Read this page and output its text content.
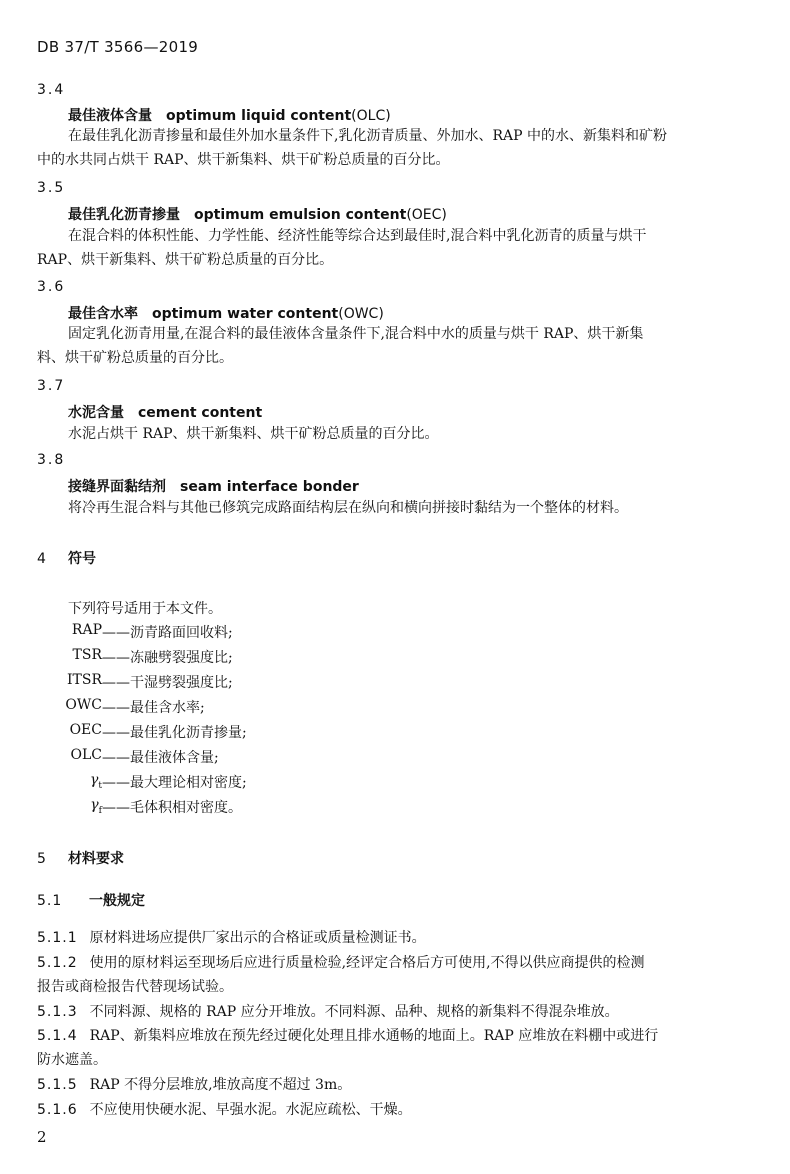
DB 37/T 3566—2019
3.4
最佳液体含量 optimum liquid content(OLC)
在最佳乳化沥青掺量和最佳外加水量条件下,乳化沥青质量、外加水、RAP 中的水、新集料和矿粉
中的水共同占烘干 RAP、烘干新集料、烘干矿粉总质量的百分比。
3.5
最佳乳化沥青掺量 optimum emulsion content(OEC)
在混合料的体积性能、力学性能、经济性能等综合达到最佳时,混合料中乳化沥青的质量与烘干
RAP、烘干新集料、烘干矿粉总质量的百分比。
3.6
最佳含水率 optimum water content(OWC)
固定乳化沥青用量,在混合料的最佳液体含量条件下,混合料中水的质量与烘干 RAP、烘干新集
料、烘干矿粉总质量的百分比。
3.7
水泥含量 cement content
水泥占烘干 RAP、烘干新集料、烘干矿粉总质量的百分比。
3.8
接缝界面黏结剂 seam interface bonder
将冷再生混合料与其他已修筑完成路面结构层在纵向和横向拼接时黏结为一个整体的材料。
4 符号
下列符号适用于本文件。
RAP ——沥青路面回收料;
TSR ——冻融劈裂强度比;
ITSR ——干湿劈裂强度比;
OWC ——最佳含水率;
OEC ——最佳乳化沥青掺量;
OLC ——最佳液体含量;
$\gamma_t$ ——最大理论相对密度;
$\gamma_f$ ——毛体积相对密度。
5 材料要求
5.1 一般规定
5.1.1 原材料进场应提供厂家出示的合格证或质量检测证书。
5.1.2 使用的原材料运至现场后应进行质量检验,经评定合格后方可使用,不得以供应商提供的检测
报告或商检报告代替现场试验。
5.1.3 不同料源、规格的 RAP 应分开堆放。不同料源、品种、规格的新集料不得混杂堆放。
5.1.4 RAP、新集料应堆放在预先经过硬化处理且排水通畅的地面上。RAP 应堆放在料棚中或进行
防水遮盖。
5.1.5 RAP 不得分层堆放,堆放高度不超过 3m。
5.1.6 不应使用快硬水泥、早强水泥。水泥应疏松、干燥。
2
